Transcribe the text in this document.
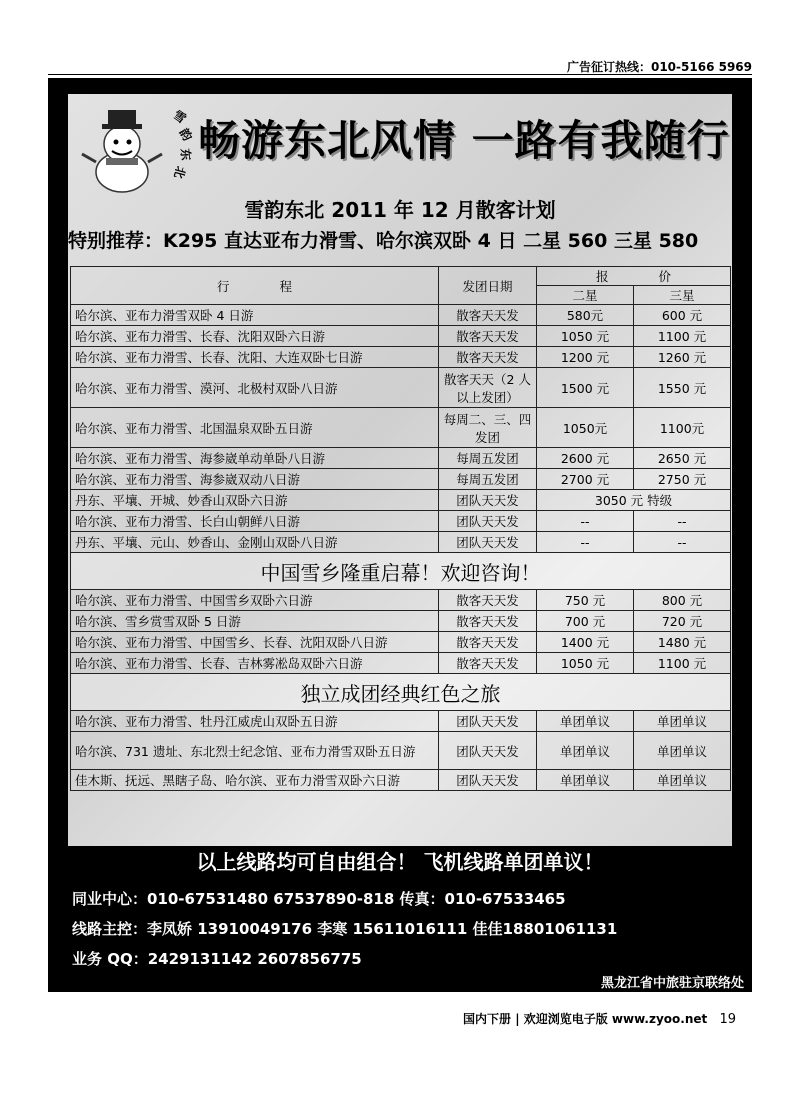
广告征订热线：010-5166 5969
雪
韵
东
北
畅游东北风情 一路有我随行
雪韵东北 2011 年 12 月散客计划
特别推荐：K295 直达亚布力滑雪、哈尔滨双卧 4 日 二星 560 三星 580
行　　　　程	发团日期	报　　　　价	
		二星	三星
哈尔滨、亚布力滑雪双卧 4 日游	散客天天发	580元	600 元
哈尔滨、亚布力滑雪、长春、沈阳双卧六日游	散客天天发	1050 元	1100 元
哈尔滨、亚布力滑雪、长春、沈阳、大连双卧七日游	散客天天发	1200 元	1260 元
哈尔滨、亚布力滑雪、漠河、北极村双卧八日游	散客天天（2 人以上发团）	1500 元	1550 元
哈尔滨、亚布力滑雪、北国温泉双卧五日游	每周二、三、四发团	1050元	1100元
哈尔滨、亚布力滑雪、海参崴单动单卧八日游	每周五发团	2600 元	2650 元
哈尔滨、亚布力滑雪、海参崴双动八日游	每周五发团	2700 元	2750 元
丹东、平壤、开城、妙香山双卧六日游	团队天天发	3050 元 特级	
哈尔滨、亚布力滑雪、长白山朝鲜八日游	团队天天发	--	--
丹东、平壤、元山、妙香山、金刚山双卧八日游	团队天天发	--	--
中国雪乡隆重启幕！欢迎咨询！			
哈尔滨、亚布力滑雪、中国雪乡双卧六日游	散客天天发	750 元	800 元
哈尔滨、雪乡赏雪双卧 5 日游	散客天天发	700 元	720 元
哈尔滨、亚布力滑雪、中国雪乡、长春、沈阳双卧八日游	散客天天发	1400 元	1480 元
哈尔滨、亚布力滑雪、长春、吉林雾凇岛双卧六日游	散客天天发	1050 元	1100 元
独立成团经典红色之旅			
哈尔滨、亚布力滑雪、牡丹江威虎山双卧五日游	团队天天发	单团单议	单团单议
哈尔滨、731 遗址、东北烈士纪念馆、亚布力滑雪双卧五日游	团队天天发	单团单议	单团单议
佳木斯、抚远、黑瞎子岛、哈尔滨、亚布力滑雪双卧六日游	团队天天发	单团单议	单团单议
以上线路均可自由组合！ 飞机线路单团单议！
同业中心：010-67531480 67537890-818 传真：010-67533465
线路主控：李凤娇 13910049176 李寒 15611016111 佳佳18801061131
业务 QQ：2429131142 2607856775
黑龙江省中旅驻京联络处
国内下册 | 欢迎浏览电子版 www.zyoo.net 19
